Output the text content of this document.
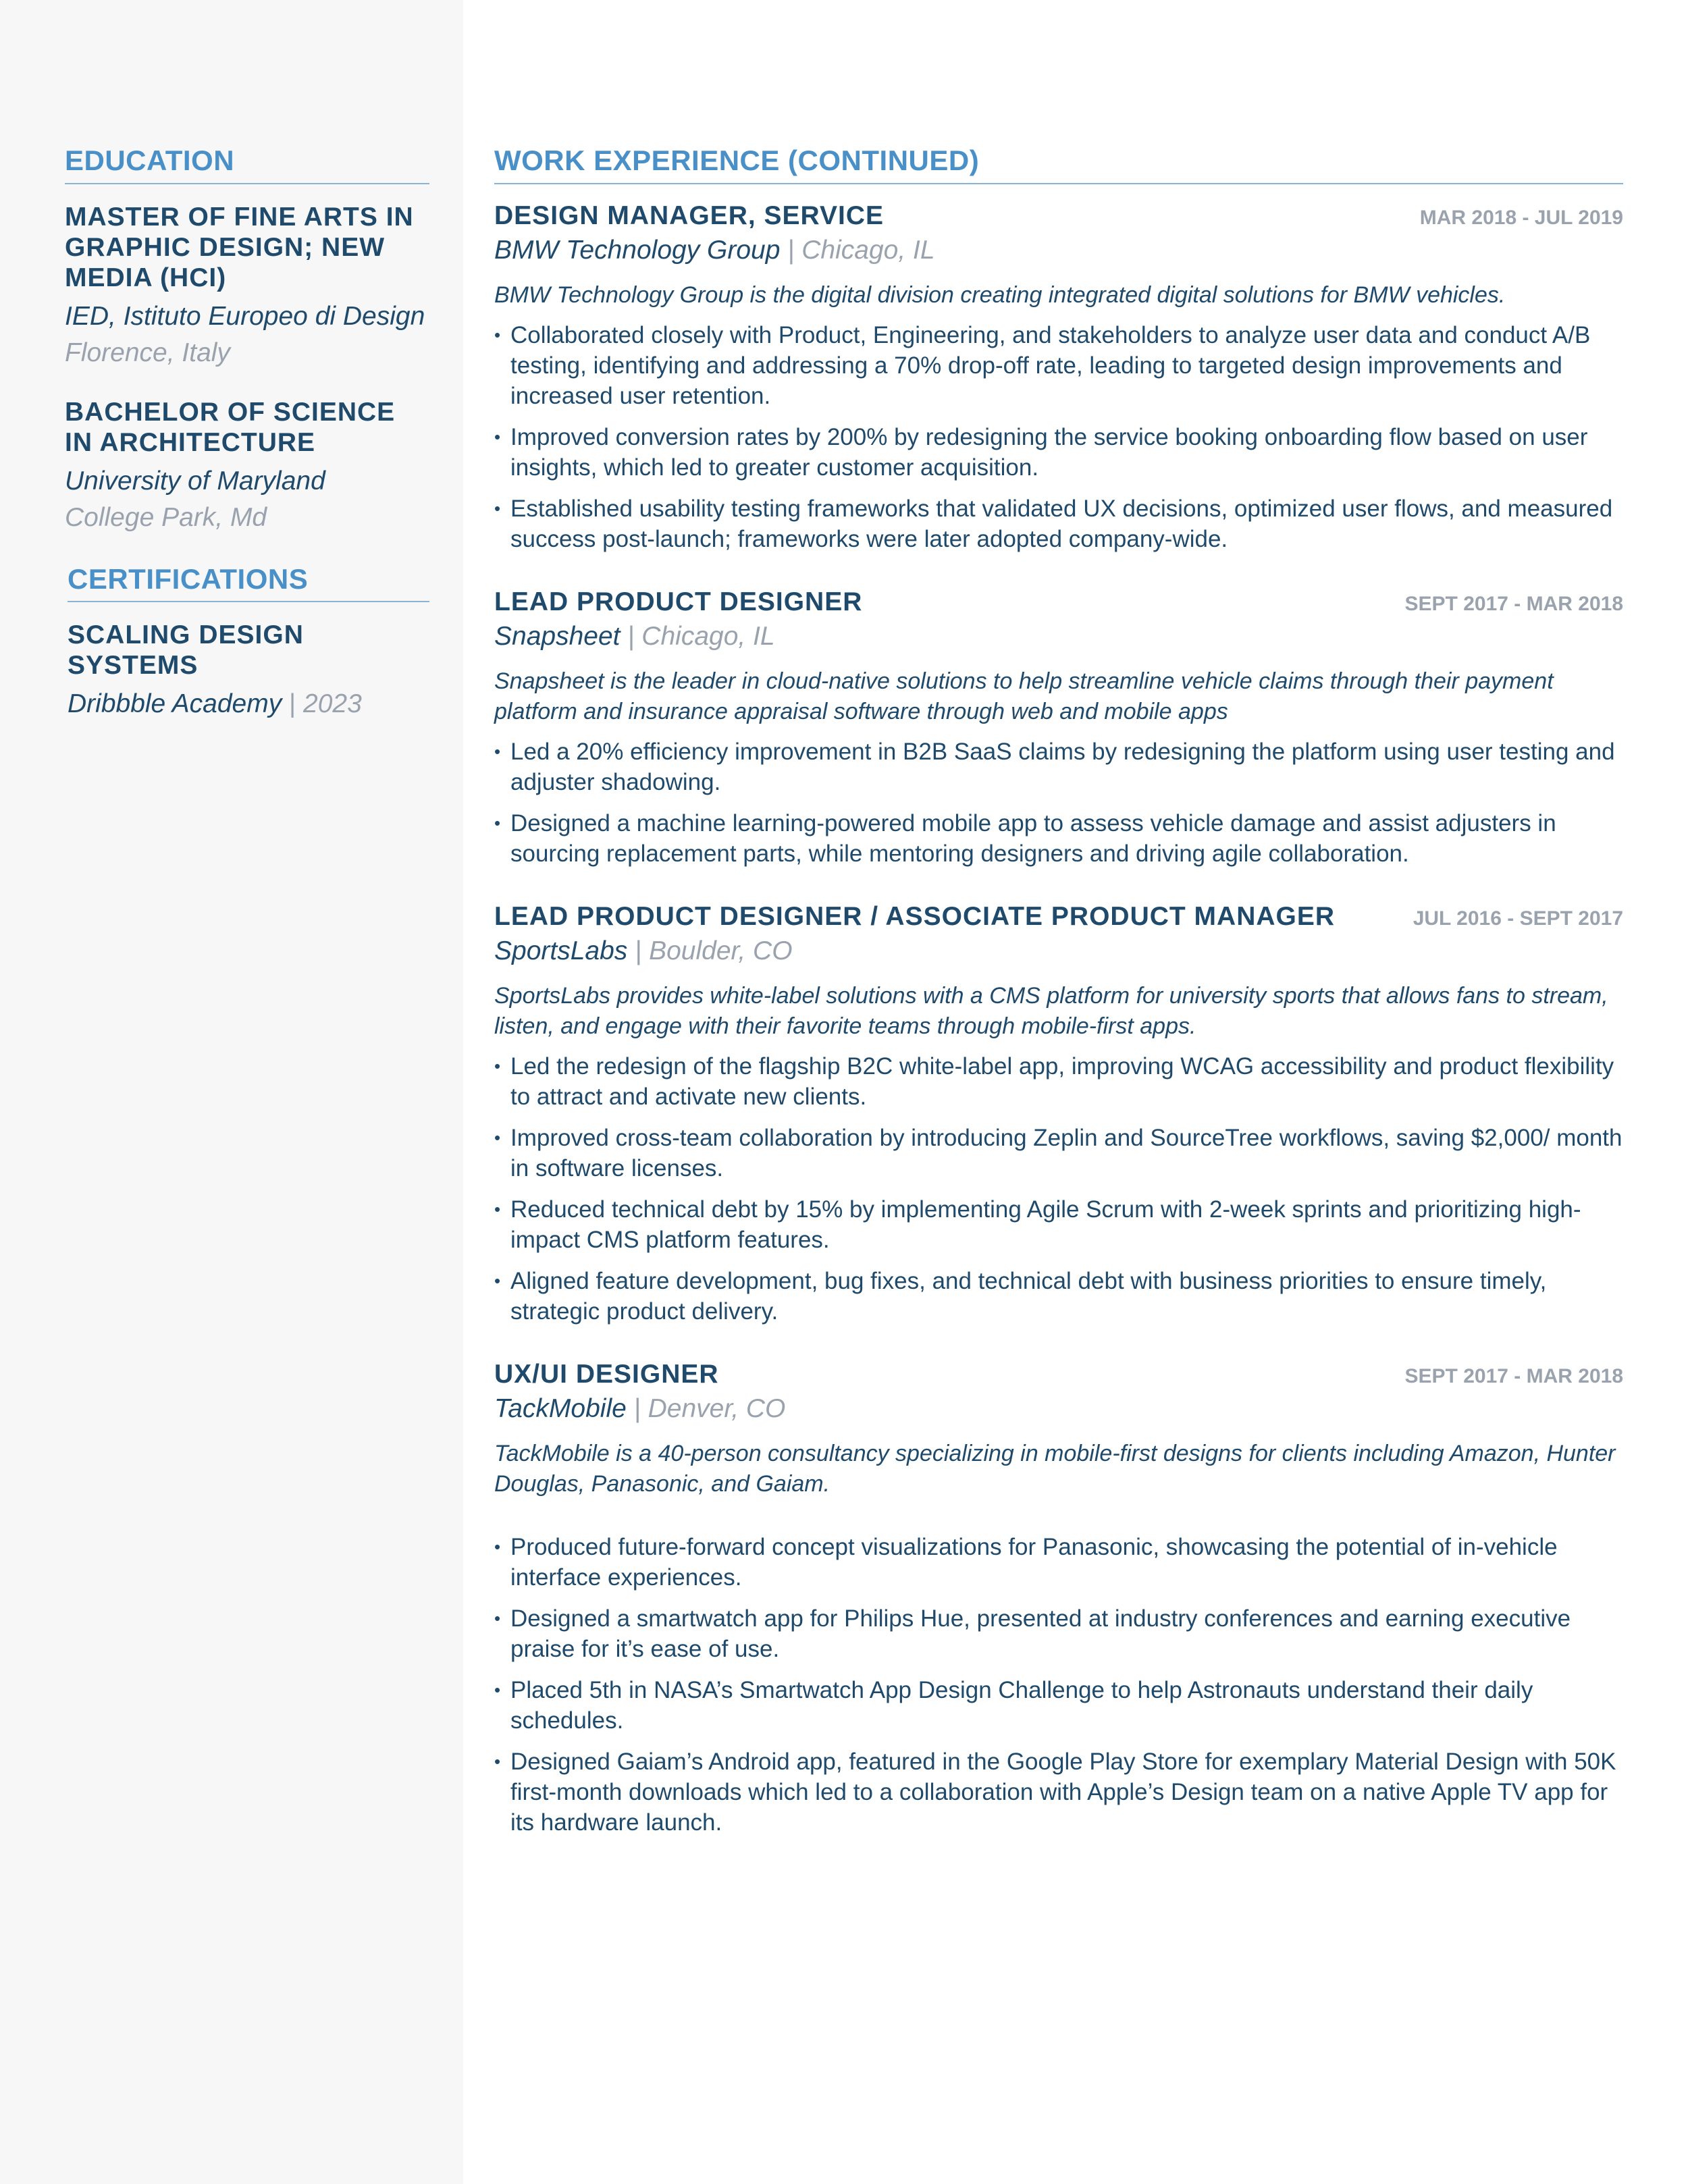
EDUCATION
MASTER OF FINE ARTS IN GRAPHIC DESIGN; NEW MEDIA (HCI)
IED, Istituto Europeo di Design
Florence, Italy
BACHELOR OF SCIENCE IN ARCHITECTURE
University of Maryland
College Park, Md
CERTIFICATIONS
SCALING DESIGN SYSTEMS
Dribbble Academy | 2023
WORK EXPERIENCE (CONTINUED)
DESIGN MANAGER, SERVICE	MAR 2018 - JUL 2019
BMW Technology Group | Chicago, IL
BMW Technology Group is the digital division creating integrated digital solutions for BMW vehicles.
• Collaborated closely with Product, Engineering, and stakeholders to analyze user data and conduct A/B testing, identifying and addressing a 70% drop-off rate, leading to targeted design improvements and increased user retention.
• Improved conversion rates by 200% by redesigning the service booking onboarding flow based on user insights, which led to greater customer acquisition.
• Established usability testing frameworks that validated UX decisions, optimized user flows, and measured success post-launch; frameworks were later adopted company-wide.
LEAD PRODUCT DESIGNER	SEPT 2017 - MAR 2018
Snapsheet | Chicago, IL
Snapsheet is the leader in cloud-native solutions to help streamline vehicle claims through their payment platform and insurance appraisal software through web and mobile apps
• Led a 20% efficiency improvement in B2B SaaS claims by redesigning the platform using user testing and adjuster shadowing.
• Designed a machine learning-powered mobile app to assess vehicle damage and assist adjusters in sourcing replacement parts, while mentoring designers and driving agile collaboration.
LEAD PRODUCT DESIGNER / ASSOCIATE PRODUCT MANAGER	JUL 2016 - SEPT 2017
SportsLabs | Boulder, CO
SportsLabs provides white-label solutions with a CMS platform for university sports that allows fans to stream, listen, and engage with their favorite teams through mobile-first apps.
• Led the redesign of the flagship B2C white-label app, improving WCAG accessibility and product flexibility to attract and activate new clients.
• Improved cross-team collaboration by introducing Zeplin and SourceTree workflows, saving $2,000/ month in software licenses.
• Reduced technical debt by 15% by implementing Agile Scrum with 2-week sprints and prioritizing high-impact CMS platform features.
• Aligned feature development, bug fixes, and technical debt with business priorities to ensure timely, strategic product delivery.
UX/UI DESIGNER	SEPT 2017 - MAR 2018
TackMobile | Denver, CO
TackMobile is a 40-person consultancy specializing in mobile-first designs for clients including Amazon, Hunter Douglas, Panasonic, and Gaiam.
• Produced future-forward concept visualizations for Panasonic, showcasing the potential of in-vehicle interface experiences.
• Designed a smartwatch app for Philips Hue, presented at industry conferences and earning executive praise for it’s ease of use.
• Placed 5th in NASA’s Smartwatch App Design Challenge to help Astronauts understand their daily schedules.
• Designed Gaiam’s Android app, featured in the Google Play Store for exemplary Material Design with 50K first-month downloads which led to a collaboration with Apple’s Design team on a native Apple TV app for its hardware launch.
